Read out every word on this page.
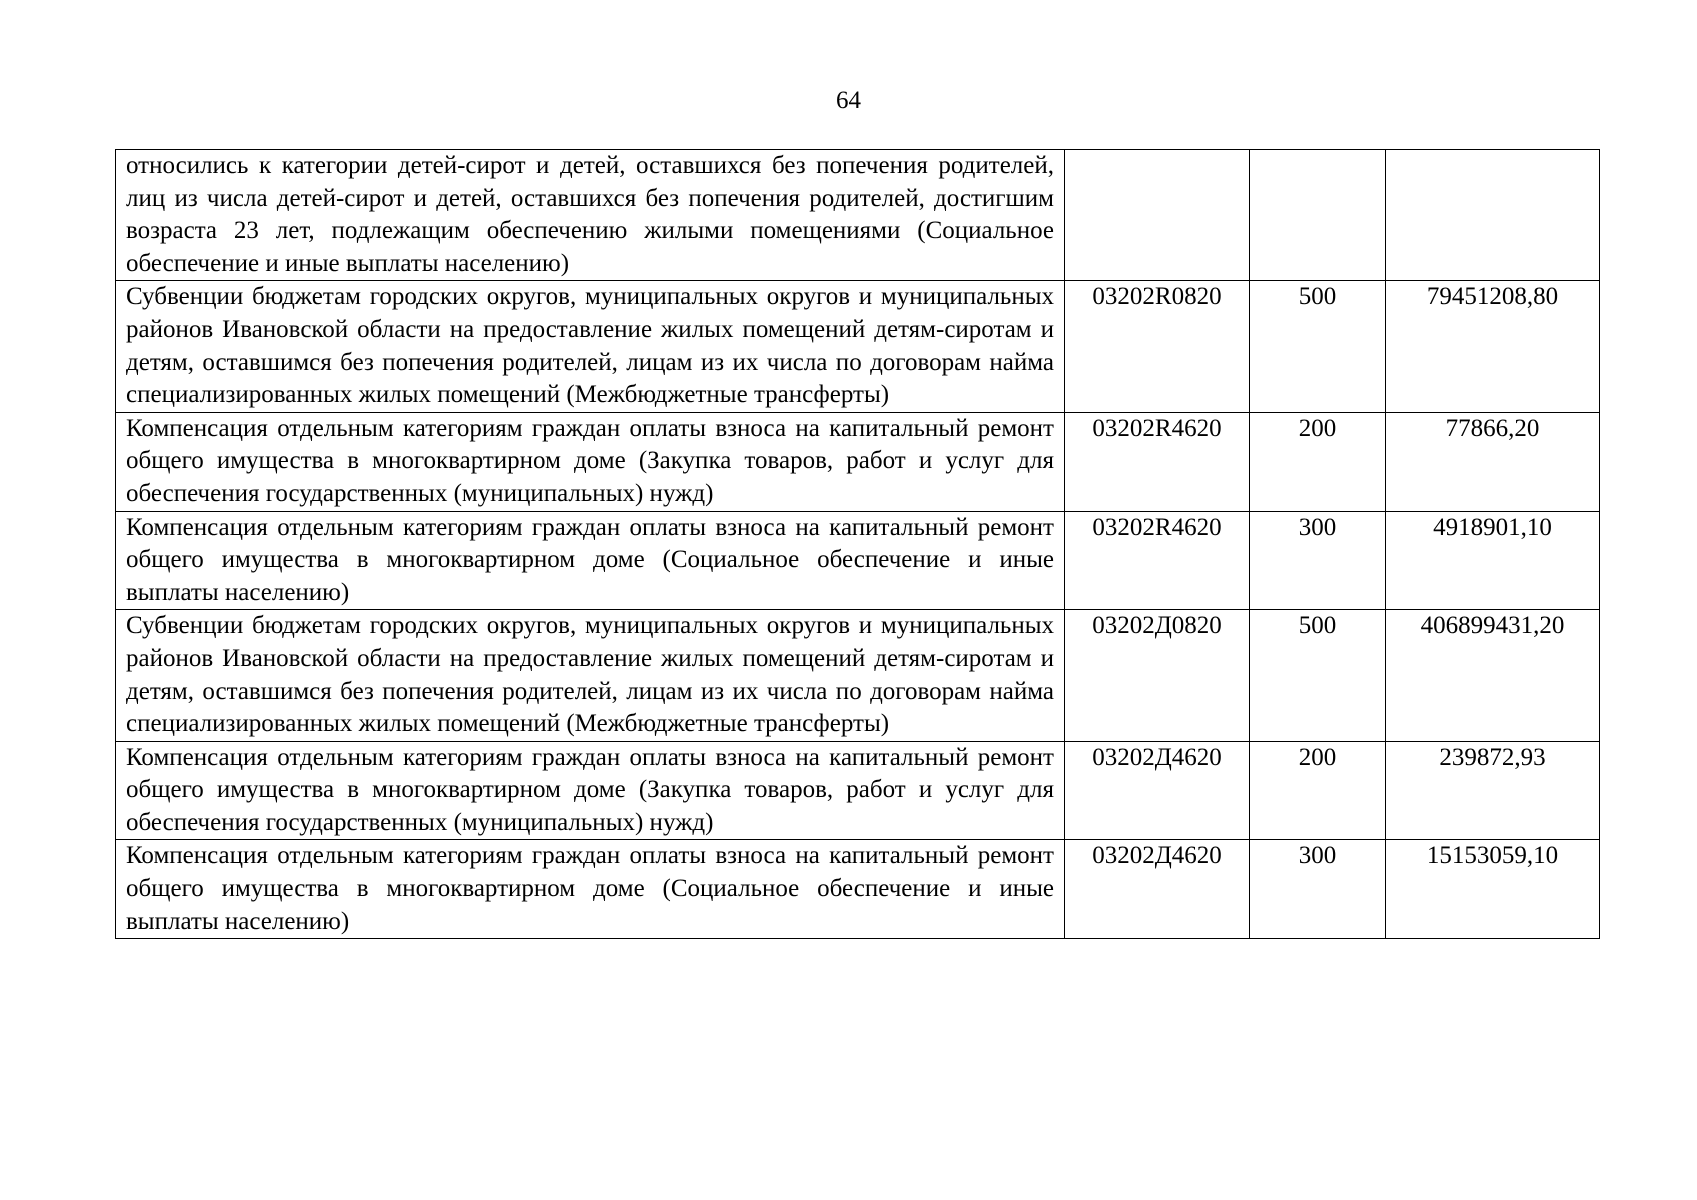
64
относились к категории детей-сирот и детей, оставшихся без попечения родителей, лиц из числа детей-сирот и детей, оставшихся без попечения родителей, достигшим возраста 23 лет, подлежащим обеспечению жилыми помещениями (Социальное обеспечение и иные выплаты населению)			
Субвенции бюджетам городских округов, муниципальных округов и муниципальных районов Ивановской области на предоставление жилых помещений детям-сиротам и детям, оставшимся без попечения родителей, лицам из их числа по договорам найма специализированных жилых помещений (Межбюджетные трансферты)	03202R0820	500	79451208,80
Компенсация отдельным категориям граждан оплаты взноса на капитальный ремонт общего имущества в многоквартирном доме (Закупка товаров, работ и услуг для обеспечения государственных (муниципальных) нужд)	03202R4620	200	77866,20
Компенсация отдельным категориям граждан оплаты взноса на капитальный ремонт общего имущества в многоквартирном доме (Социальное обеспечение и иные выплаты населению)	03202R4620	300	4918901,10
Субвенции бюджетам городских округов, муниципальных округов и муниципальных районов Ивановской области на предоставление жилых помещений детям-сиротам и детям, оставшимся без попечения родителей, лицам из их числа по договорам найма специализированных жилых помещений (Межбюджетные трансферты)	03202Д0820	500	406899431,20
Компенсация отдельным категориям граждан оплаты взноса на капитальный ремонт общего имущества в многоквартирном доме (Закупка товаров, работ и услуг для обеспечения государственных (муниципальных) нужд)	03202Д4620	200	239872,93
Компенсация отдельным категориям граждан оплаты взноса на капитальный ремонт общего имущества в многоквартирном доме (Социальное обеспечение и иные выплаты населению)	03202Д4620	300	15153059,10
